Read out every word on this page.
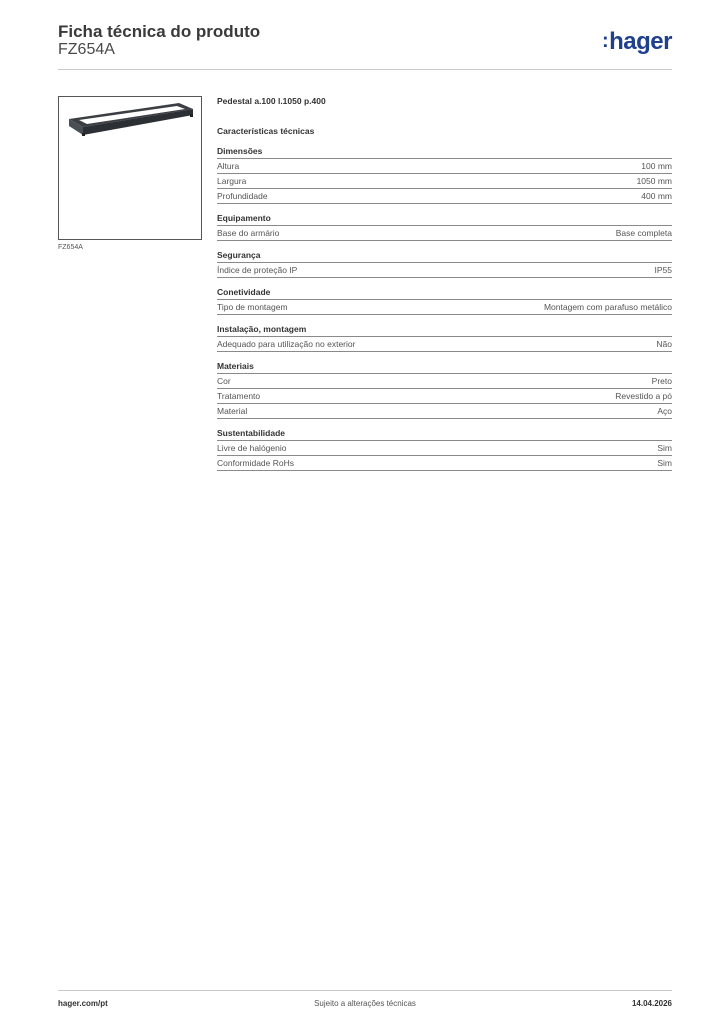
Ficha técnica do produto
FZ654A	:hager
FZ654A
Pedestal a.100 l.1050 p.400
Características técnicas
Dimensões
Altura	100 mm
Largura	1050 mm
Profundidade	400 mm
Equipamento
Base do armário	Base completa
Segurança
Índice de proteção IP	IP55
Conetividade
Tipo de montagem	Montagem com parafuso metálico
Instalação, montagem
Adequado para utilização no exterior	Não
Materiais
Cor	Preto
Tratamento	Revestido a pó
Material	Aço
Sustentabilidade
Livre de halógenio	Sim
Conformidade RoHs	Sim
hager.com/pt	Sujeito a alterações técnicas	14.04.2026
